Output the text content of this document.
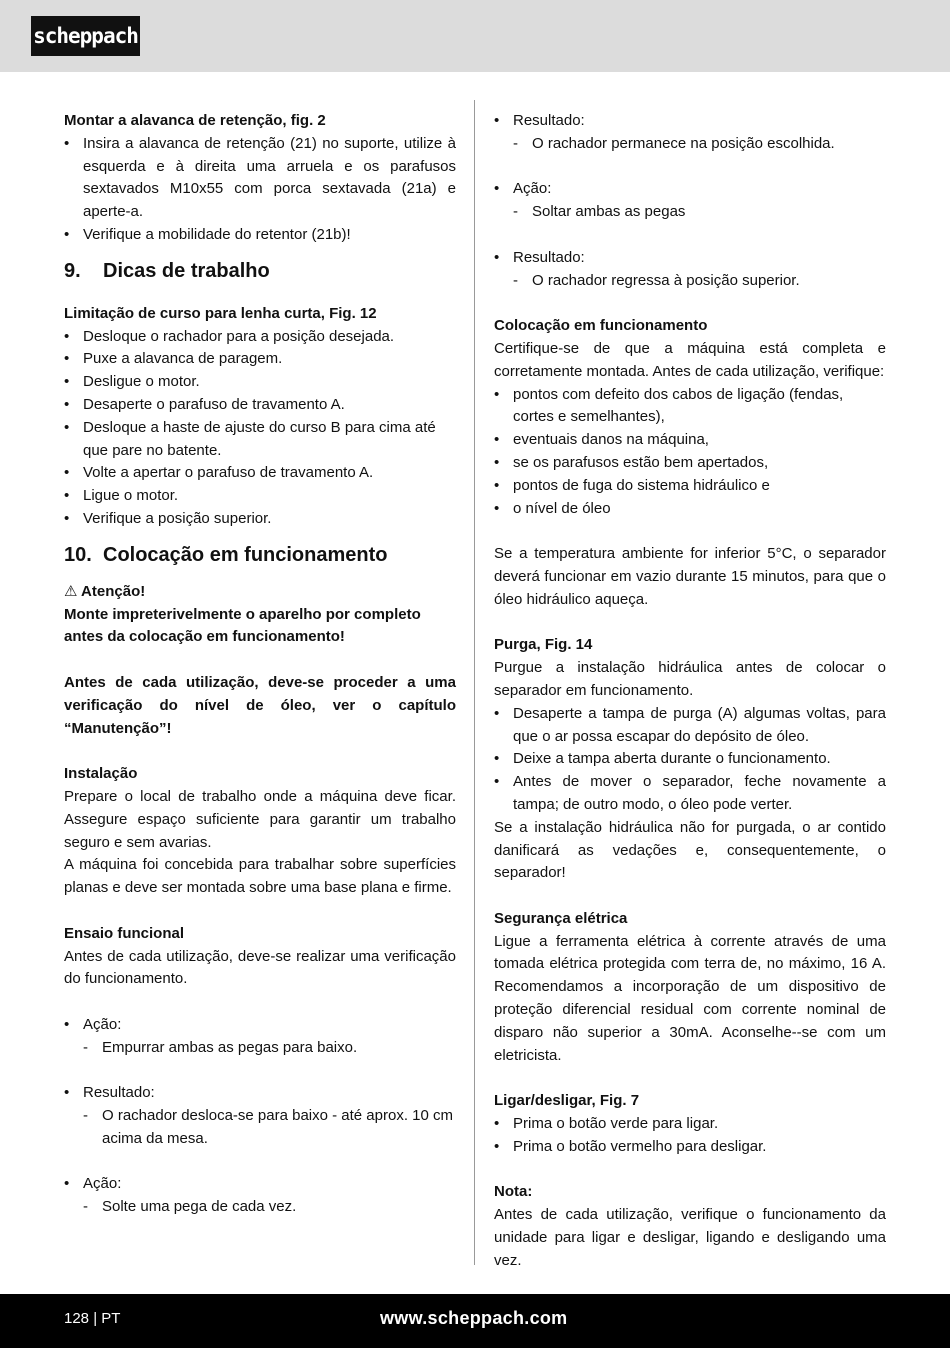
scheppach

Montar a alavanca de retenção, fig. 2

• Insira a alavanca de retenção (21) no suporte, utilize à esquerda e à direita uma arruela e os parafusos sextavados M10x55 com porca sextavada (21a) e aperte-a.
• Verifique a mobilidade do retentor (21b)!
9. Dicas de trabalho

Limitação de curso para lenha curta, Fig. 12

• Desloque o rachador para a posição desejada.
• Puxe a alavanca de paragem.
• Desligue o motor.
• Desaperte o parafuso de travamento A.
• Desloque a haste de ajuste do curso B para cima até que pare no batente.
• Volte a apertar o parafuso de travamento A.
• Ligue o motor.
• Verifique a posição superior.
10. Colocação em funcionamento

⚠ Atenção!

Monte impreterivelmente o aparelho por completo antes da colocação em funcionamento!

Antes de cada utilização, deve-se proceder a uma verificação do nível de óleo, ver o capítulo “Manutenção”!

Instalação

Prepare o local de trabalho onde a máquina deve ficar. Assegure espaço suficiente para garantir um trabalho seguro e sem avarias.

A máquina foi concebida para trabalhar sobre superfícies planas e deve ser montada sobre uma base plana e firme.

Ensaio funcional

Antes de cada utilização, deve-se realizar uma verificação do funcionamento.

• Ação:
- Empurrar ambas as pegas para baixo.
• Resultado:
- O rachador desloca-se para baixo - até aprox. 10 cm acima da mesa.
• Ação:
- Solte uma pega de cada vez.
• Resultado:
- O rachador permanece na posição escolhida.
• Ação:
- Soltar ambas as pegas
• Resultado:
- O rachador regressa à posição superior.

Colocação em funcionamento

Certifique-se de que a máquina está completa e corretamente montada. Antes de cada utilização, verifique:

• pontos com defeito dos cabos de ligação (fendas, cortes e semelhantes),
• eventuais danos na máquina,
• se os parafusos estão bem apertados,
• pontos de fuga do sistema hidráulico e
• o nível de óleo

Se a temperatura ambiente for inferior 5°C, o separador deverá funcionar em vazio durante 15 minutos, para que o óleo hidráulico aqueça.

Purga, Fig. 14

Purgue a instalação hidráulica antes de colocar o separador em funcionamento.

• Desaperte a tampa de purga (A) algumas voltas, para que o ar possa escapar do depósito de óleo.
• Deixe a tampa aberta durante o funcionamento.
• Antes de mover o separador, feche novamente a tampa; de outro modo, o óleo pode verter.

Se a instalação hidráulica não for purgada, o ar contido danificará as vedações e, consequentemente, o separador!

Segurança elétrica

Ligue a ferramenta elétrica à corrente através de uma tomada elétrica protegida com terra de, no máximo, 16 A. Recomendamos a incorporação de um dispositivo de proteção diferencial residual com corrente nominal de disparo não superior a 30mA. Aconselhe--se com um eletricista.

Ligar/desligar, Fig. 7

• Prima o botão verde para ligar.
• Prima o botão vermelho para desligar.

Nota:

Antes de cada utilização, verifique o funcionamento da unidade para ligar e desligar, ligando e desligando uma vez.

128 | PT	www.scheppach.com
